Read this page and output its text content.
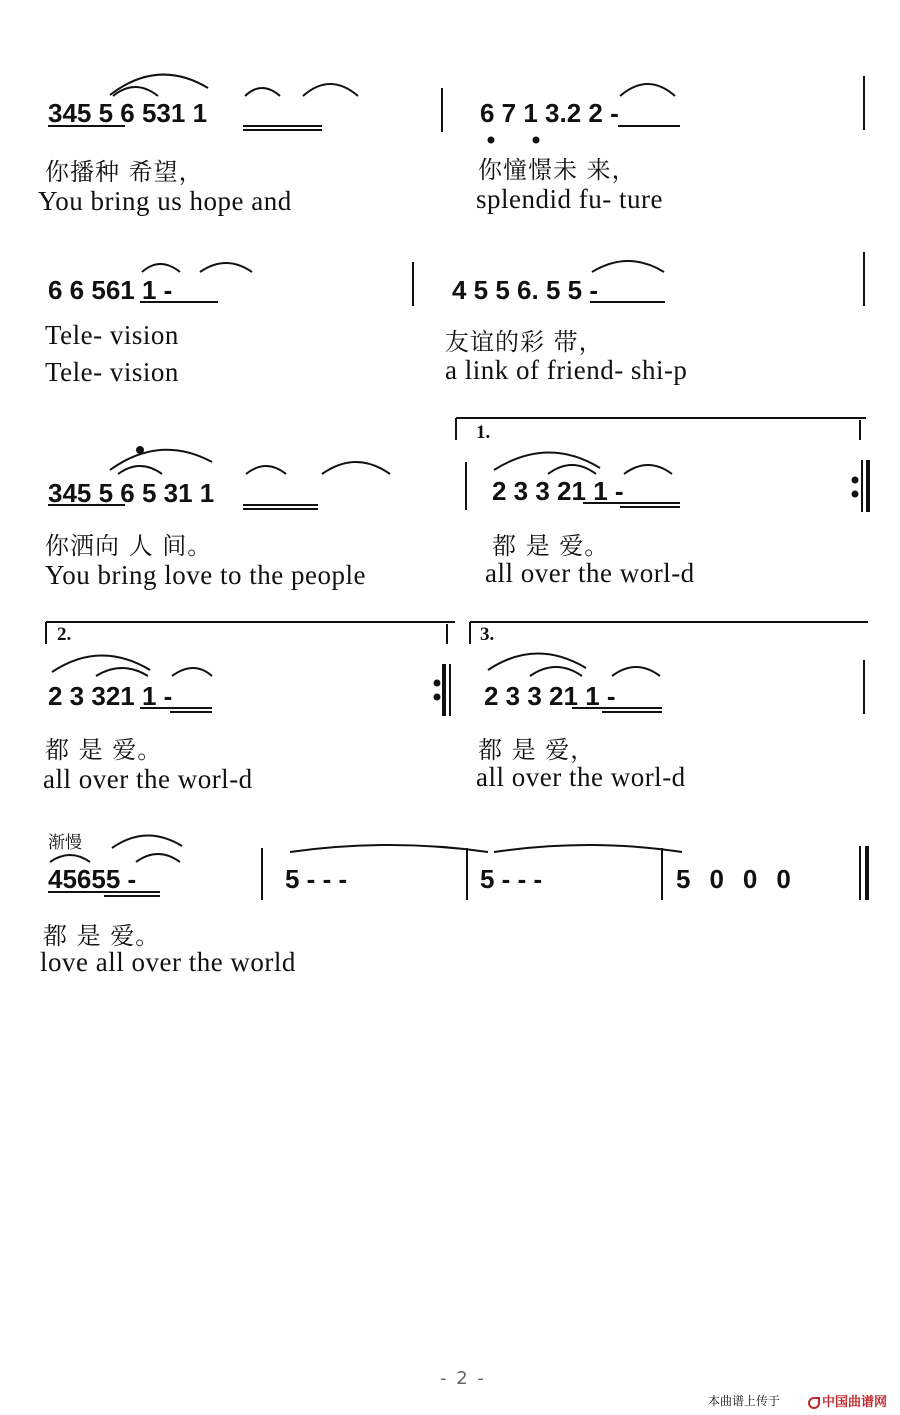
345 5 6 531 1	6 7 1 3.2 2 -
你播种 希望，	你憧憬未 来，
You bring us hope and	splendid fu- ture
6 6 561 1 -	4 5 5 6. 5 5 -
Tele- vision	友谊的彩 带，
Tele- vision	a link of friend- shi-p
1.
345 5 6 5 31 1	2 3 3 21 1 -
你洒向 人 间。	都 是 爱。
You bring love to the people	all over the worl-d
2.	3.
2 3 321 1 -	2 3 3 21 1 -
都 是 爱。	都 是 爱，
all over the worl-d	all over the worl-d
渐慢
45655 -	5 - - -	5 - - -	5000
都 是 爱。
love all over the world
- 2 -
本曲谱上传于	中国曲谱网
